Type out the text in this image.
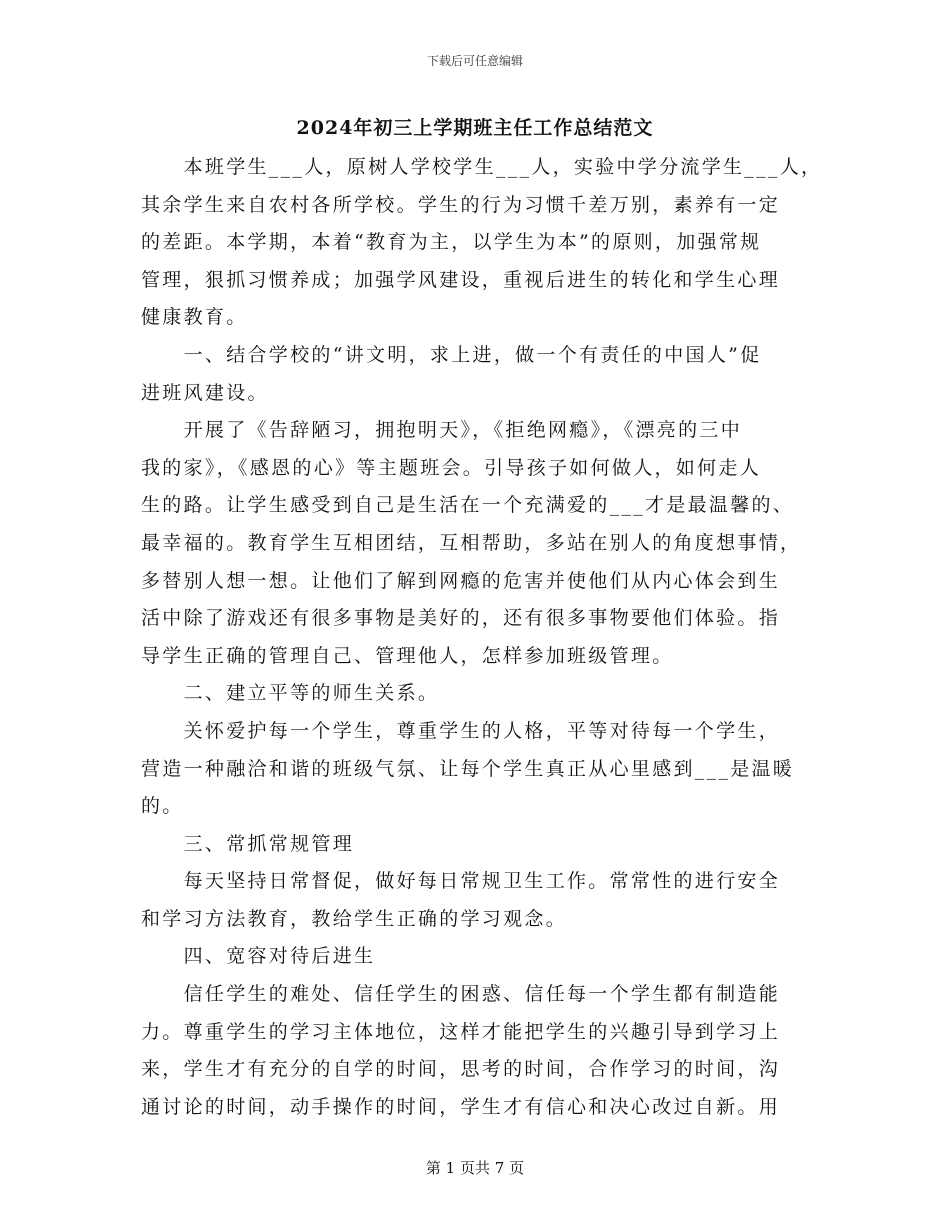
下载后可任意编辑
2024年初三上学期班主任工作总结范文

　　本班学生___人，原树人学校学生___人，实验中学分流学生___人，

其余学生来自农村各所学校。学生的行为习惯千差万别，素养有一定

的差距。本学期，本着“教育为主，以学生为本”的原则，加强常规

管理，狠抓习惯养成；加强学风建设，重视后进生的转化和学生心理

健康教育。

　　一、结合学校的“讲文明，求上进，做一个有责任的中国人”促

进班风建设。

　　开展了《告辞陋习，拥抱明天》，《拒绝网瘾》，《漂亮的三中

我的家》，《感恩的心》等主题班会。引导孩子如何做人，如何走人

生的路。让学生感受到自己是生活在一个充满爱的___才是最温馨的、

最幸福的。教育学生互相团结，互相帮助，多站在别人的角度想事情，

多替别人想一想。让他们了解到网瘾的危害并使他们从内心体会到生

活中除了游戏还有很多事物是美好的，还有很多事物要他们体验。指

导学生正确的管理自己、管理他人，怎样参加班级管理。

　　二、建立平等的师生关系。

　　关怀爱护每一个学生，尊重学生的人格，平等对待每一个学生，

营造一种融洽和谐的班级气氛、让每个学生真正从心里感到___是温暖

的。

　　三、常抓常规管理

　　每天坚持日常督促，做好每日常规卫生工作。常常性的进行安全

和学习方法教育，教给学生正确的学习观念。

　　四、宽容对待后进生

　　信任学生的难处、信任学生的困惑、信任每一个学生都有制造能

力。尊重学生的学习主体地位，这样才能把学生的兴趣引导到学习上

来，学生才有充分的自学的时间，思考的时间，合作学习的时间，沟

通讨论的时间，动手操作的时间，学生才有信心和决心改过自新。用

第 1 页共 7 页
